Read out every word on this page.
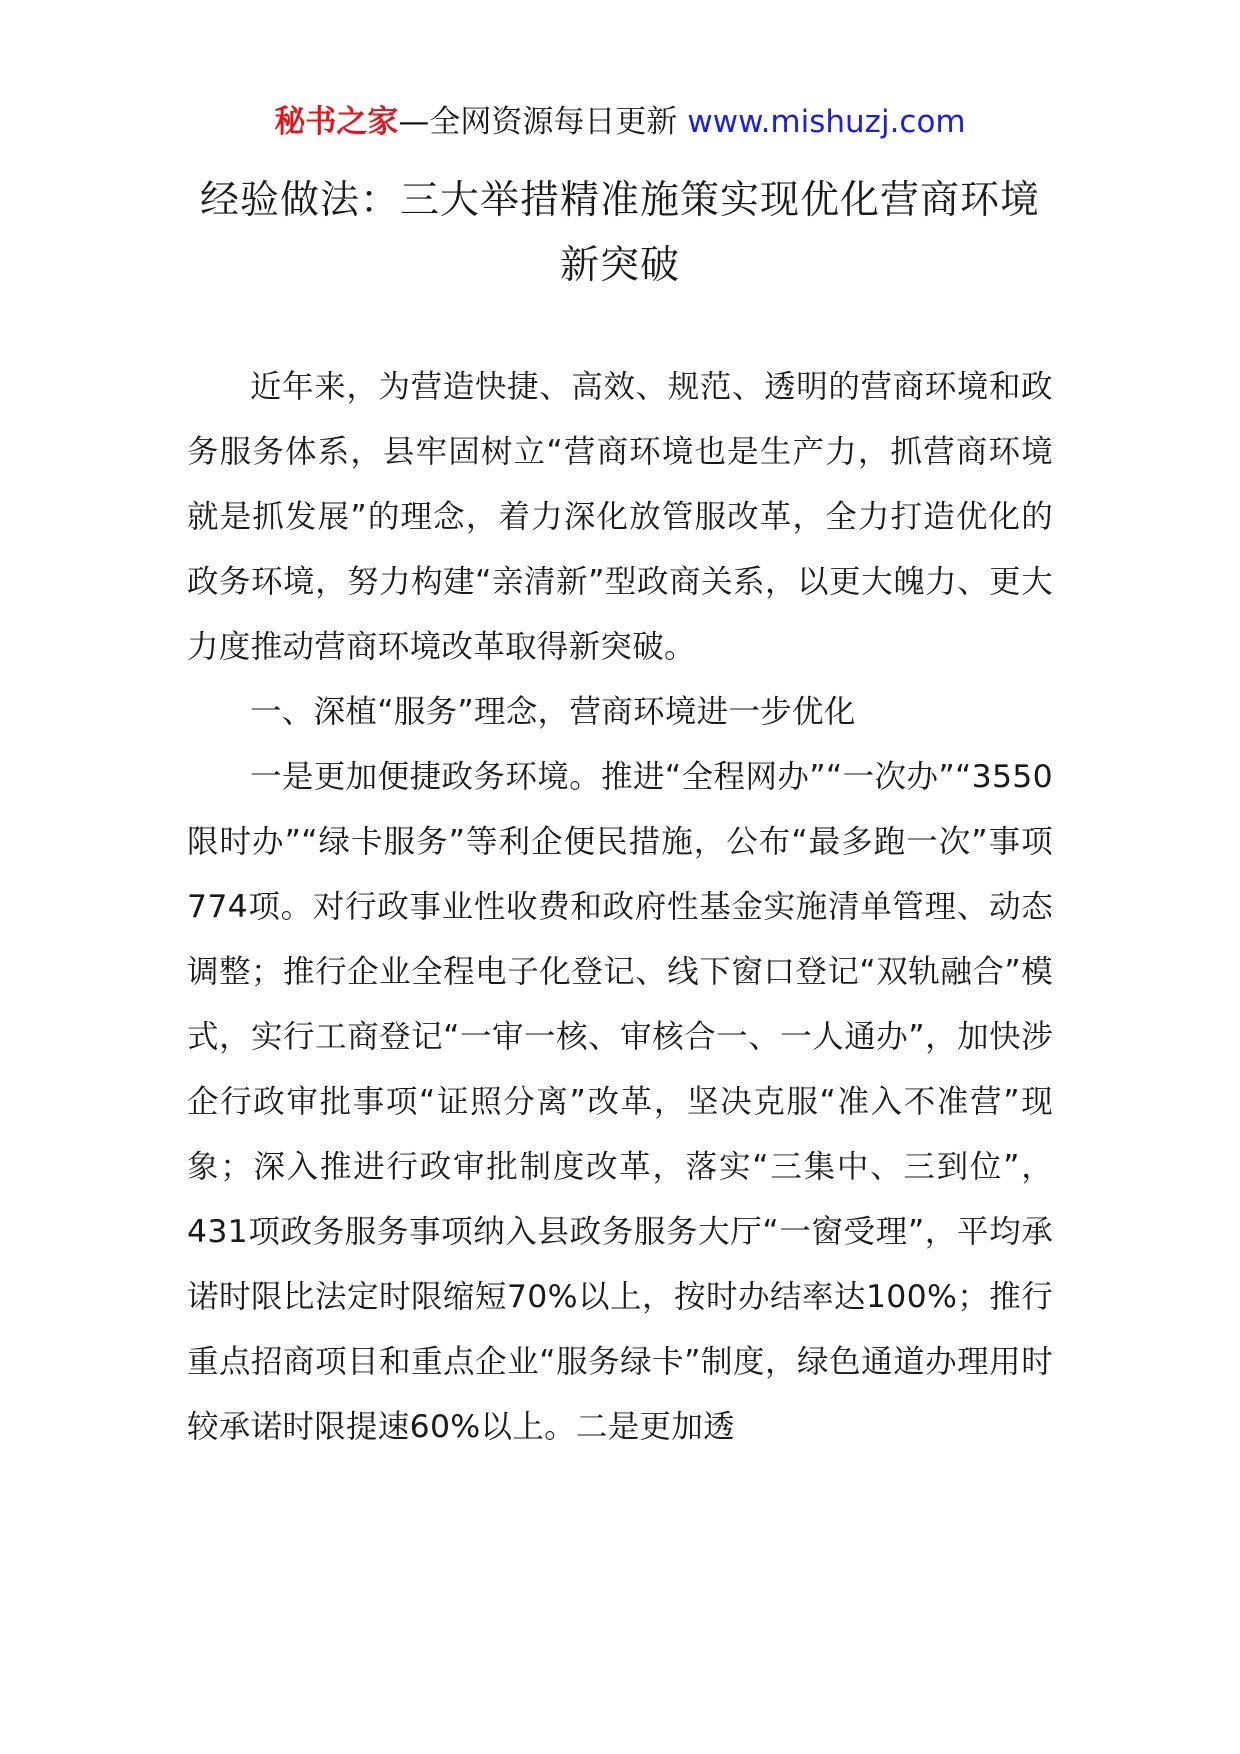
秘书之家—全网资源每日更新 www.mishuzj.com
经验做法：三大举措精准施策实现优化营商环境新突破

近年来，为营造快捷、高效、规范、透明的营商环境和政务服务体系，县牢固树立“营商环境也是生产力，抓营商环境就是抓发展”的理念，着力深化放管服改革，全力打造优化的政务环境，努力构建“亲清新”型政商关系，以更大魄力、更大力度推动营商环境改革取得新突破。

一、深植“服务”理念，营商环境进一步优化

一是更加便捷政务环境。推进“全程网办”“一次办”“3550限时办”“绿卡服务”等利企便民措施，公布“最多跑一次”事项774项。对行政事业性收费和政府性基金实施清单管理、动态调整；推行企业全程电子化登记、线下窗口登记“双轨融合”模式，实行工商登记“一审一核、审核合一、一人通办”，加快涉企行政审批事项“证照分离”改革，坚决克服“准入不准营”现象；深入推进行政审批制度改革，落实“三集中、三到位”，431项政务服务事项纳入县政务服务大厅“一窗受理”，平均承诺时限比法定时限缩短70%以上，按时办结率达100%；推行重点招商项目和重点企业“服务绿卡”制度，绿色通道办理用时较承诺时限提速60%以上。二是更加透
